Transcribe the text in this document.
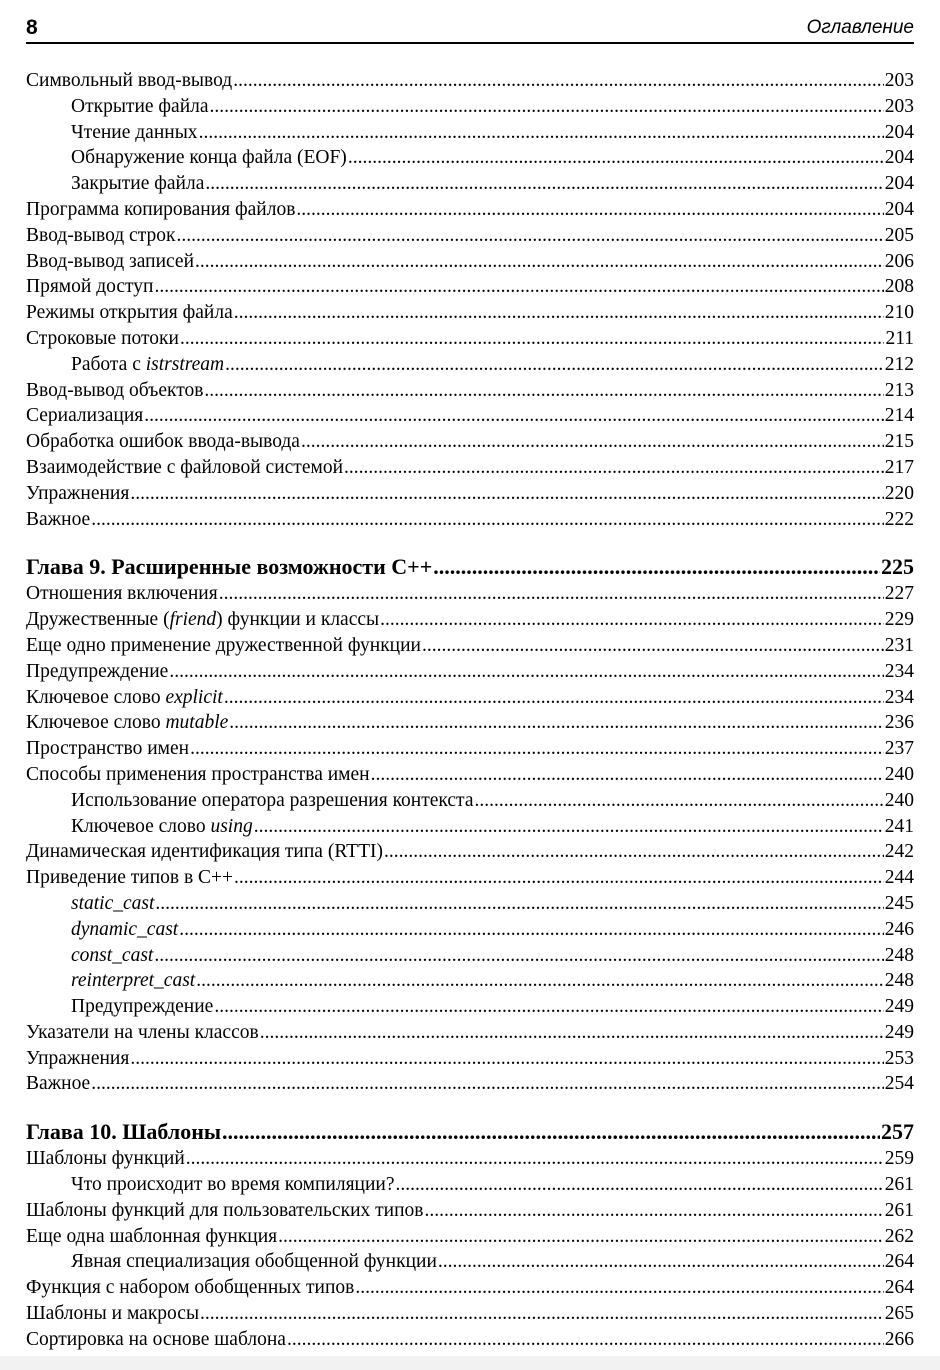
8	Оглавление
Символьный ввод-вывод .....	203
Открытие файла .....	203
Чтение данных .....	204
Обнаружение конца файла (EOF) .....	204
Закрытие файла .....	204
Программа копирования файлов .....	204
Ввод-вывод строк .....	205
Ввод-вывод записей .....	206
Прямой доступ .....	208
Режимы открытия файла .....	210
Строковые потоки .....	211
Работа с istrstream .....	212
Ввод-вывод объектов .....	213
Сериализация .....	214
Обработка ошибок ввода-вывода .....	215
Взаимодействие с файловой системой .....	217
Упражнения .....	220
Важное .....	222
Глава 9. Расширенные возможности C++ .....	225
Отношения включения .....	227
Дружественные (friend) функции и классы .....	229
Еще одно применение дружественной функции .....	231
Предупреждение .....	234
Ключевое слово explicit .....	234
Ключевое слово mutable .....	236
Пространство имен .....	237
Способы применения пространства имен .....	240
Использование оператора разрешения контекста .....	240
Ключевое слово using .....	241
Динамическая идентификация типа (RTTI) .....	242
Приведение типов в C++ .....	244
static_cast .....	245
dynamic_cast .....	246
const_cast .....	248
reinterpret_cast .....	248
Предупреждение .....	249
Указатели на члены классов .....	249
Упражнения .....	253
Важное .....	254
Глава 10. Шаблоны .....	257
Шаблоны функций .....	259
Что происходит во время компиляции? .....	261
Шаблоны функций для пользовательских типов .....	261
Еще одна шаблонная функция .....	262
Явная специализация обобщенной функции .....	264
Функция с набором обобщенных типов .....	264
Шаблоны и макросы .....	265
Сортировка на основе шаблона .....	266
